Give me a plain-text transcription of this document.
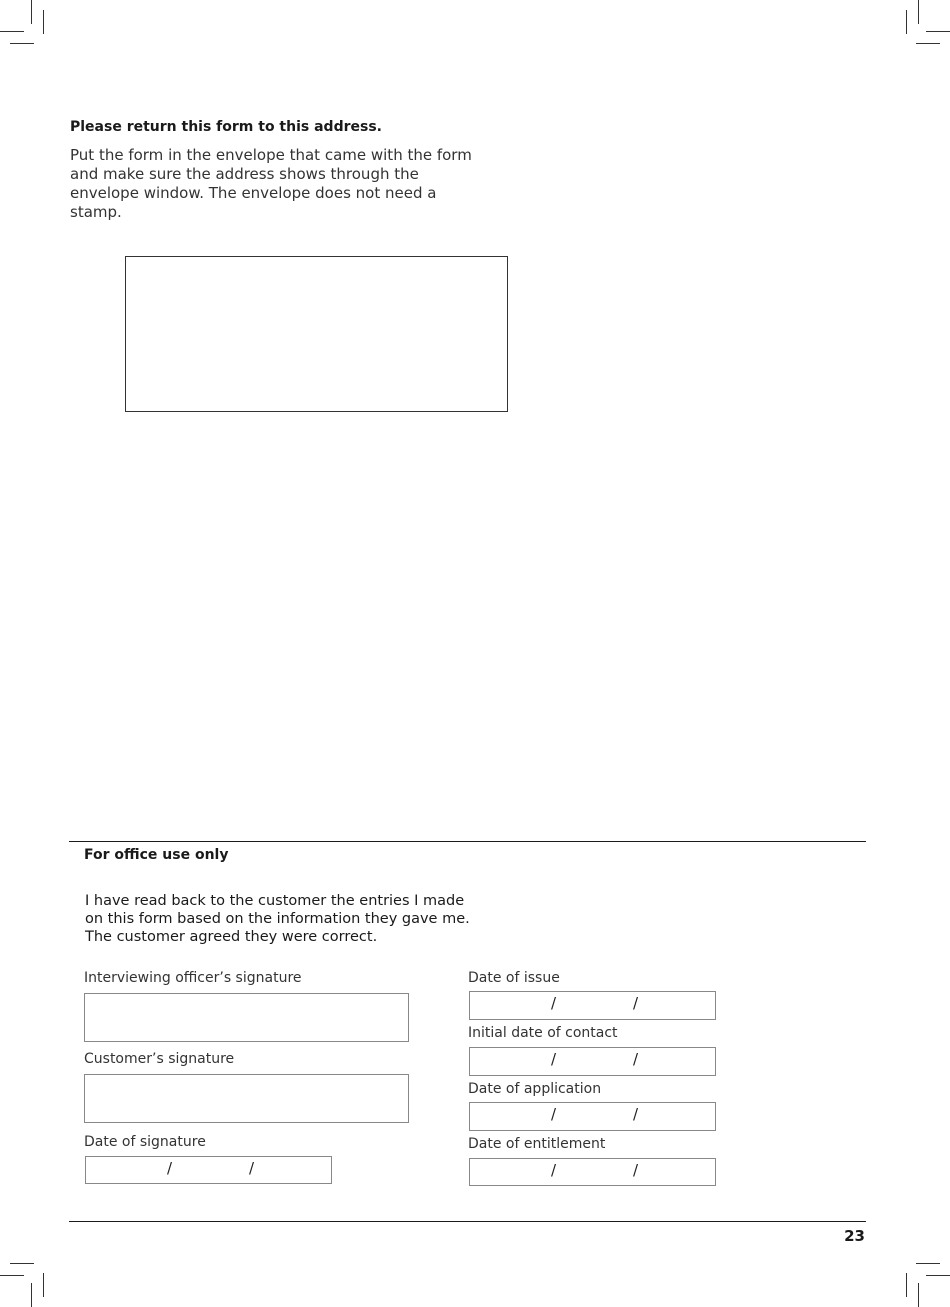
Please return this form to this address.

Put the form in the envelope that came with the form and make sure the address shows through the envelope window. The envelope does not need a stamp.

For office use only

I have read back to the customer the entries I made on this form based on the information they gave me. The customer agreed they were correct.

Interviewing officer’s signature
Customer’s signature
Date of signature
/	/
Date of issue
/	/
Initial date of contact
/	/
Date of application
/	/
Date of entitlement
/	/

23
